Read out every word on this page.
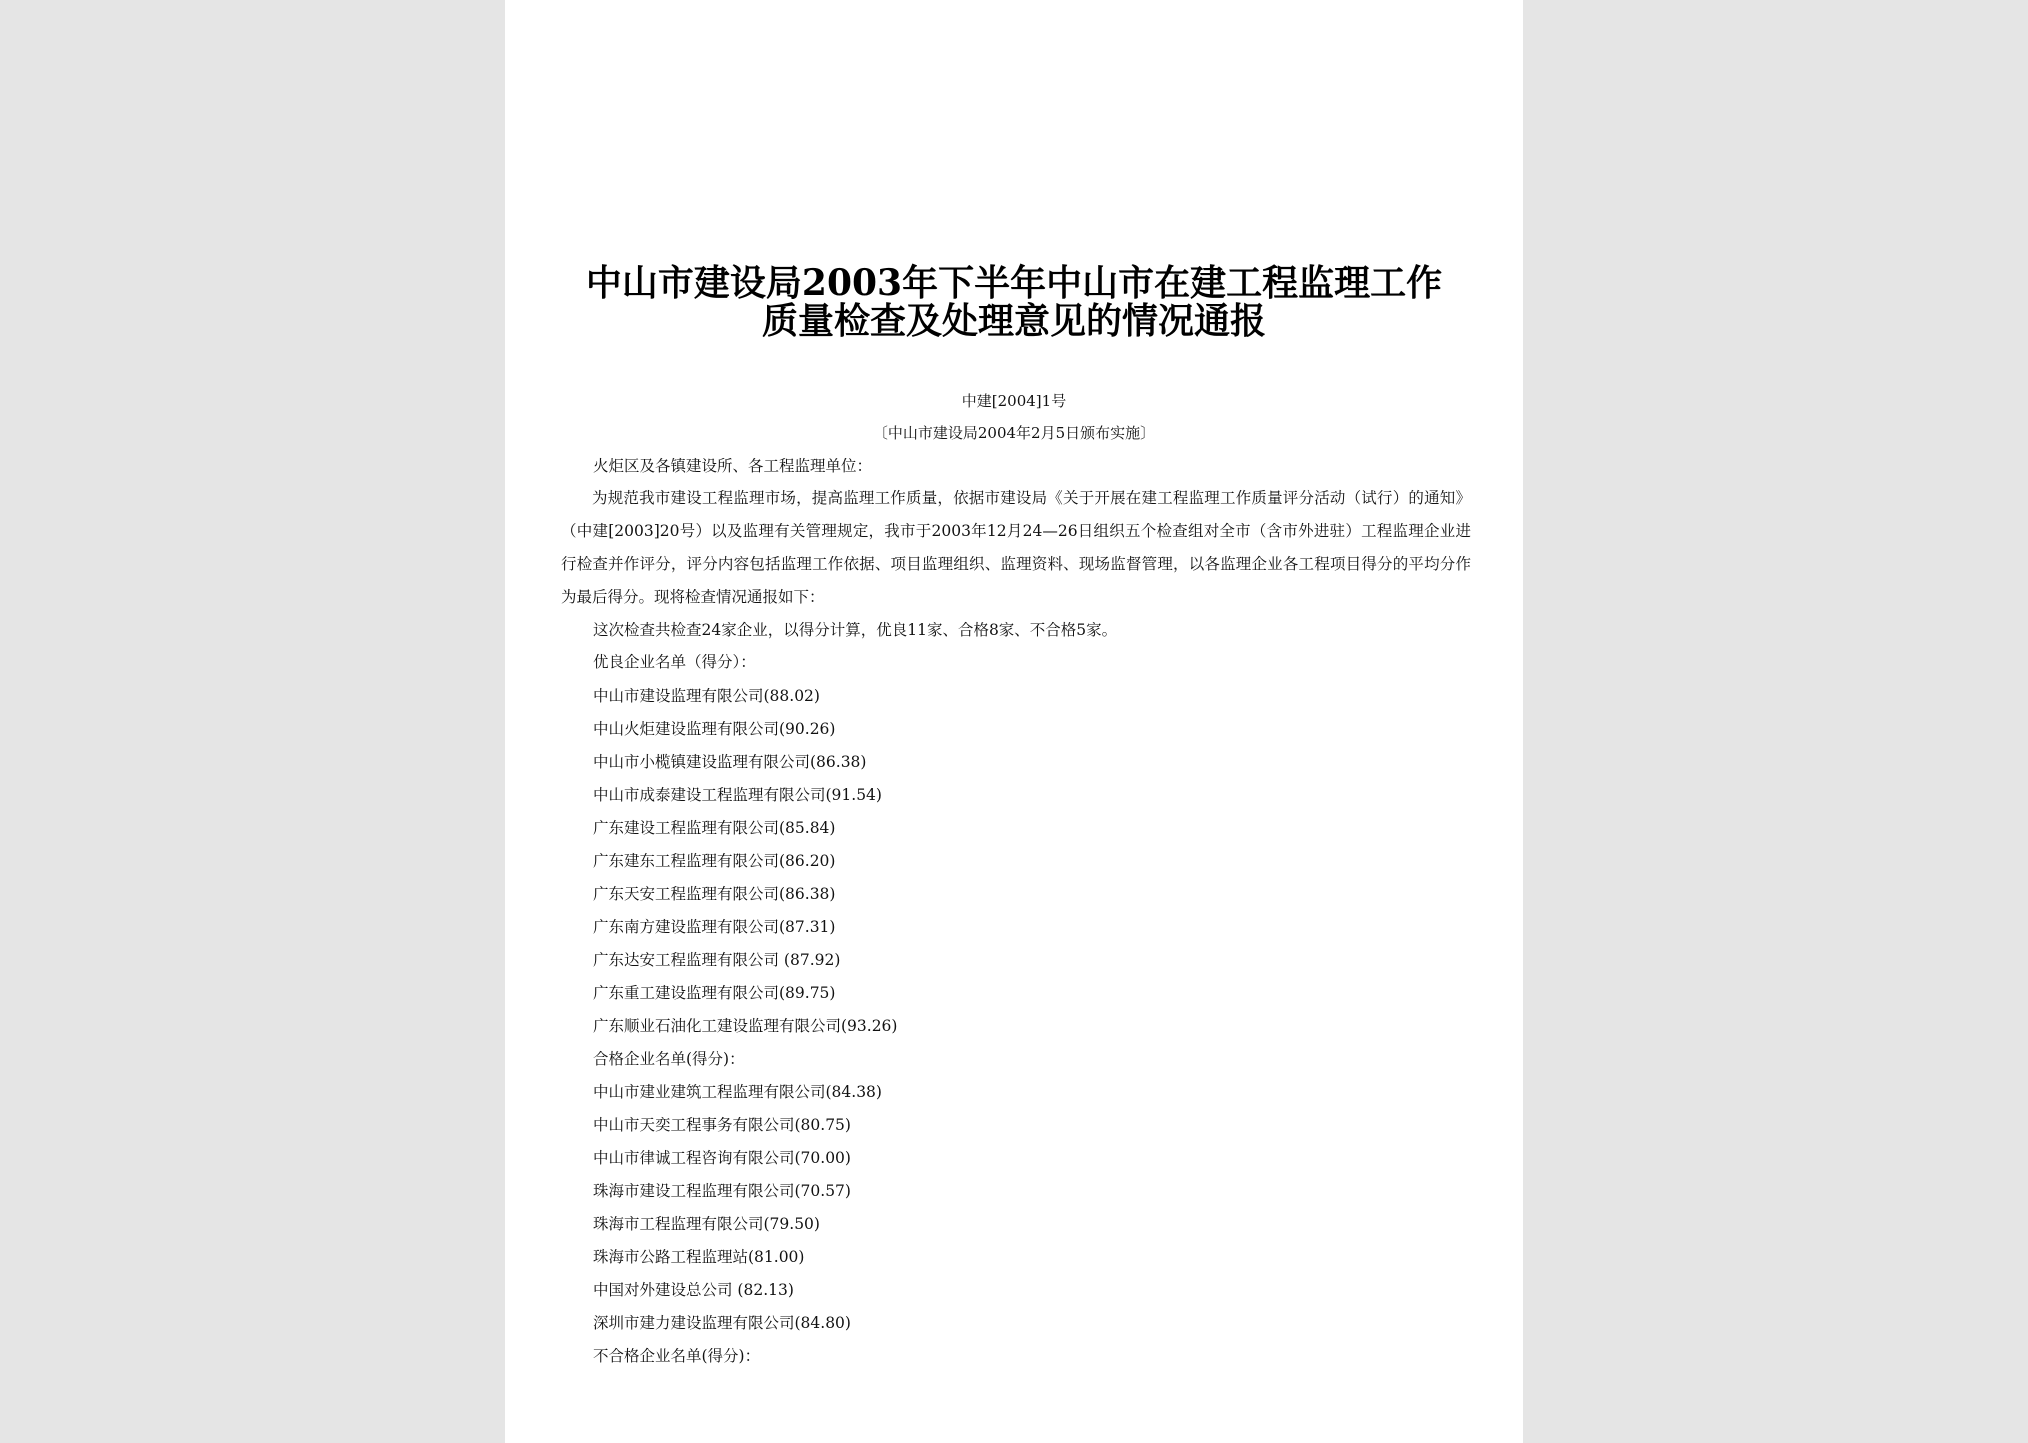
中山市建设局2003年下半年中山市在建工程监理工作
质量检查及处理意见的情况通报
中建[2004]1号
〔中山市建设局2004年2月5日颁布实施〕
火炬区及各镇建设所、各工程监理单位：
为规范我市建设工程监理市场，提高监理工作质量，依据市建设局《关于开展在建工程监理工作质量评分活动（试行）的通知》（中建[2003]20号）以及监理有关管理规定，我市于2003年12月24—26日组织五个检查组对全市（含市外进驻）工程监理企业进行检查并作评分，评分内容包括监理工作依据、项目监理组织、监理资料、现场监督管理，以各监理企业各工程项目得分的平均分作为最后得分。现将检查情况通报如下：
这次检查共检查24家企业，以得分计算，优良11家、合格8家、不合格5家。
优良企业名单（得分）：
中山市建设监理有限公司(88.02)
中山火炬建设监理有限公司(90.26)
中山市小榄镇建设监理有限公司(86.38)
中山市成泰建设工程监理有限公司(91.54)
广东建设工程监理有限公司(85.84)
广东建东工程监理有限公司(86.20)
广东天安工程监理有限公司(86.38)
广东南方建设监理有限公司(87.31)
广东达安工程监理有限公司 (87.92)
广东重工建设监理有限公司(89.75)
广东顺业石油化工建设监理有限公司(93.26)
合格企业名单(得分)：
中山市建业建筑工程监理有限公司(84.38)
中山市天奕工程事务有限公司(80.75)
中山市律诚工程咨询有限公司(70.00)
珠海市建设工程监理有限公司(70.57)
珠海市工程监理有限公司(79.50)
珠海市公路工程监理站(81.00)
中国对外建设总公司 (82.13)
深圳市建力建设监理有限公司(84.80)
不合格企业名单(得分)：
